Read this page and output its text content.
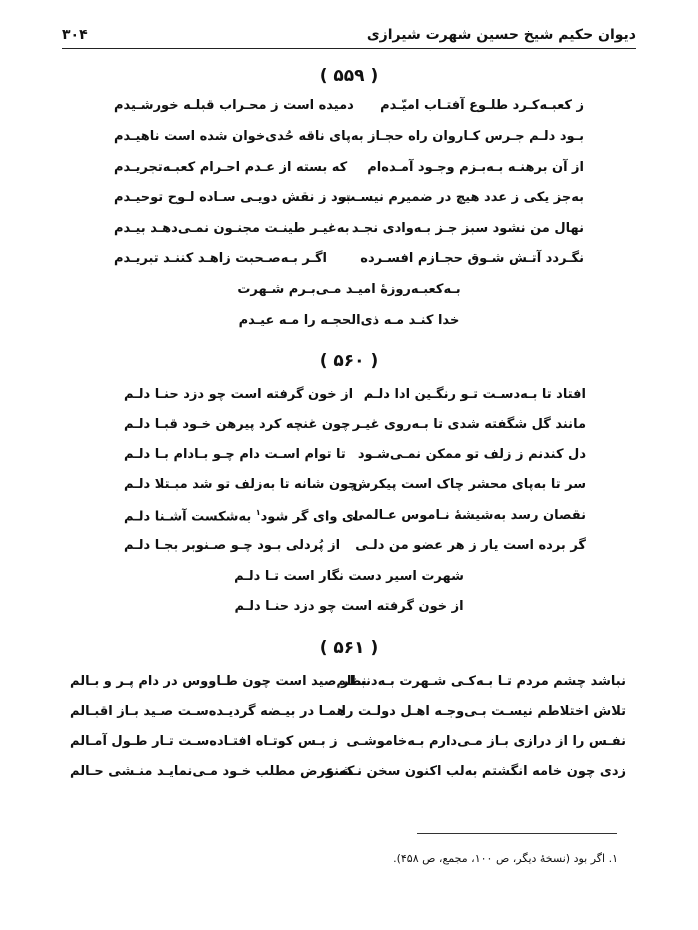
دیوان حکیم شیخ حسین شهرت شیرازی
۳۰۴
( ۵۵۹ )
ز کعبـه‌کـرد طلـوع آفتـاب امیّـدم
دمیده است ز محـراب قبلـه خورشـیدم
بـود دلـم جـرس کـاروان راه حجـاز
به‌پای ناقه حُدی‌خوان شده است ناهیـدم
از آن برهنـه بـه‌بـزم وجـود آمـده‌ام
که بسته از عـدم احـرام کعبـه‌تجریـدم
به‌جز یکی ز عدد هیچ در ضمیرم نیسـت
بود ز نقش دویـی سـاده لـوح توحیـدم
نهال من نشود سبز جـز بـه‌وادی نجـد
به‌غیـر طینـت مجنـون نمـی‌دهـد بیـدم
نگـردد آتـش شـوق حجـازم افسـرده
اگـر بـه‌صـحبت زاهـد کننـد تبریـدم
بـه‌کعبـه‌روزهٔ امیـد مـی‌بـرم شـهرت
خدا کنـد مـه ذی‌الحجـه را مـه عیـدم
( ۵۶۰ )
افتاد تا بـه‌دسـت تـو رنگـین ادا دلـم
از خون گرفته است چو دزد حنـا دلـم
مانند گل شگفته شدی تا بـه‌روی غیـر
چون غنچه کرد پیرهن خـود قبـا دلـم
دل کندنم ز زلف تو ممکن نمـی‌شـود
تا توام اسـت دام چـو بـادام بـا دلـم
سر تا به‌پای محشر چاک است پیکرش
چون شانه تا به‌زلف تو شد مبـتلا دلـم
نقصان رسد به‌شیشهٔ نـاموس عـالمی
ای وای گر شود$^۱$ به‌شکست آشـنا دلـم
گر برده است یار ز هر عضو من دلـی
از پُردلی بـود چـو صـنوبر بجـا دلـم
شهرت اسیر دست نگار است تـا دلـم
از خون گرفته است چو دزد حنـا دلـم
( ۵۶۱ )
نباشد چشم مردم تـا بـه‌کـی شـهرت بـه‌دنبـالم
نظر صید است چون طـاووس در دام پـر و بـالم
تلاش اختلاطم نیسـت بـی‌وجـه اهـل دولـت را
همـا در بیـضه گردیـده‌سـت صـید بـاز اقبـالم
نفـس را از درازی بـاز مـی‌دارم بـه‌خاموشـی
ز بـس کوتـاه افتـاده‌سـت تـار طـول آمـالم
زدی چون خامه انگشتم به‌لب اکنون سخن نـشنو
که عرض مطلب خـود مـی‌نمایـد منـشی حـالم
۱. اگر بود (نسخهٔ دیگر، ص ۱۰۰، مجمع، ص ۴۵۸).
